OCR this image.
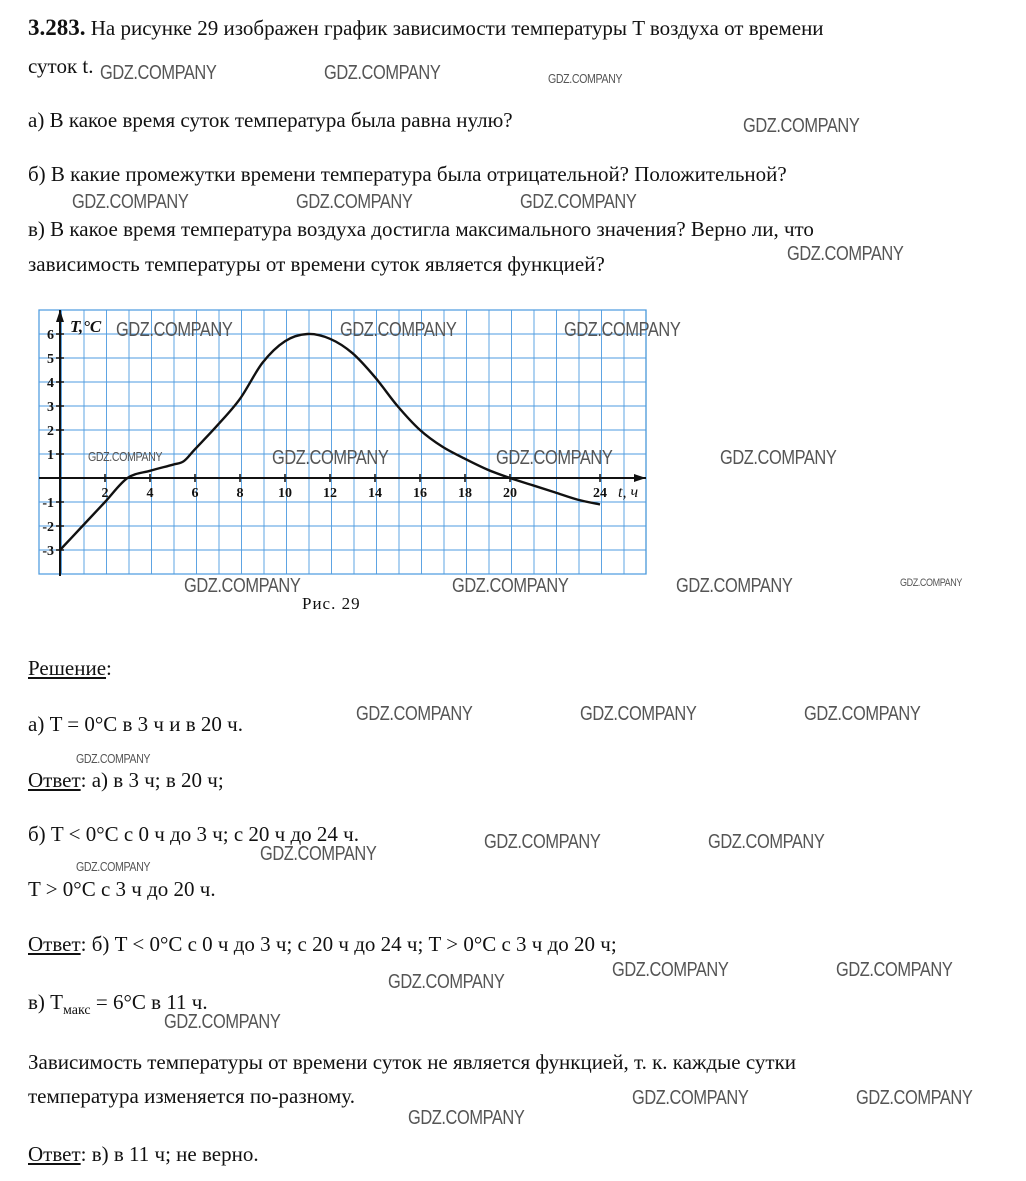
3.283. На рисунке 29 изображен график зависимости температуры T воздуха от времени
суток t.
а) В какое время суток температура была равна нулю?
б) В какие промежутки времени температура была отрицательной? Положительной?
в) В какое время температура воздуха достигла максимального значения? Верно ли, что
зависимость температуры от времени суток является функцией?
2	4	6	8 10 12 14 16 18 20	24
6
5
4
3
2
1
-1
-2
-3
T,°C
t, ч
Рис. 29
Решение:
а) T = 0°C в 3 ч и в 20 ч.
Ответ: а) в 3 ч; в 20 ч;
б) T < 0°C с 0 ч до 3 ч; с 20 ч до 24 ч.
T > 0°C с 3 ч до 20 ч.
Ответ: б) T < 0°C с 0 ч до 3 ч; с 20 ч до 24 ч; T > 0°C с 3 ч до 20 ч;
в) $T_{макс} = 6^\circ C$ в 11 ч.
Зависимость температуры от времени суток не является функцией, т. к. каждые сутки
температура изменяется по-разному.
Ответ: в) в 11 ч; не верно.
GDZ.COMPANY	GDZ.COMPANY	GDZ.COMPANY
GDZ.COMPANY
GDZ.COMPANY	GDZ.COMPANY	GDZ.COMPANY
GDZ.COMPANY
GDZ.COMPANY	GDZ.COMPANY	GDZ.COMPANY
GDZ.COMPANY	GDZ.COMPANY	GDZ.COMPANY	GDZ.COMPANY
GDZ.COMPANY	GDZ.COMPANY	GDZ.COMPANY	GDZ.COMPANY
GDZ.COMPANY	GDZ.COMPANY	GDZ.COMPANY
GDZ.COMPANY
GDZ.COMPANY	GDZ.COMPANY
GDZ.COMPANY
GDZ.COMPANY
GDZ.COMPANY	GDZ.COMPANY
GDZ.COMPANY
GDZ.COMPANY
GDZ.COMPANY	GDZ.COMPANY
GDZ.COMPANY
